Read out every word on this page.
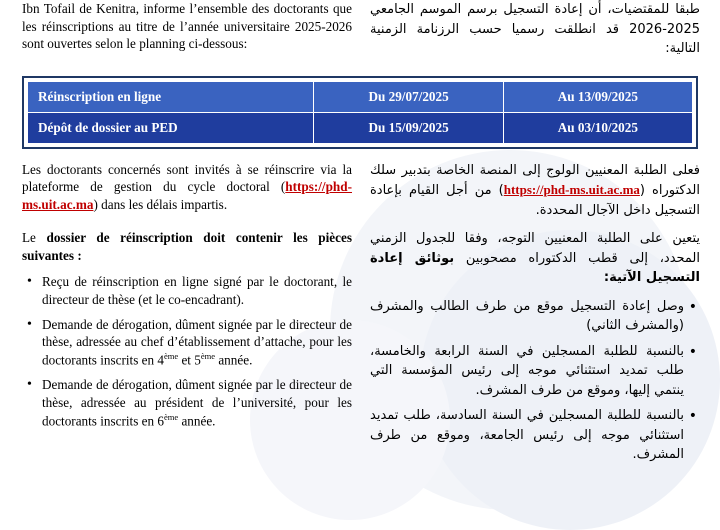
Ibn Tofail de Kenitra, informe l’ensemble des doctorants que les réinscriptions au titre de l’année universitaire 2025-2026 sont ouvertes selon le planning ci-dessous:

طبقا للمقتضيات، أن إعادة التسجيل برسم الموسم الجامعي 2025-2026 قد انطلقت رسميا حسب الرزنامة الزمنية التالية:

Réinscription en ligne	Du 29/07/2025	Au 13/09/2025
Dépôt de dossier au PED	Du 15/09/2025	Au 03/10/2025

Les doctorants concernés sont invités à se réinscrire via la plateforme de gestion du cycle doctoral (https://phd-ms.uit.ac.ma) dans les délais impartis.

فعلى الطلبة المعنيين الولوج إلى المنصة الخاصة بتدبير سلك الدكتوراه (https://phd-ms.uit.ac.ma) من أجل القيام بإعادة التسجيل داخل الآجال المحددة.

Le dossier de réinscription doit contenir les pièces suivantes :

• Reçu de réinscription en ligne signé par le doctorant, le directeur de thèse (et le co-encadrant).
• Demande de dérogation, dûment signée par le directeur de thèse, adressée au chef d’établissement d’attache, pour les doctorants inscrits en 4ème et 5ème année.
• Demande de dérogation, dûment signée par le directeur de thèse, adressée au président de l’université, pour les doctorants inscrits en 6ème année.

يتعين على الطلبة المعنيين التوجه، وفقا للجدول الزمني المحدد، إلى قطب الدكتوراه مصحوبين بوثائق إعادة التسجيل الآتية:

• وصل إعادة التسجيل موقع من طرف الطالب والمشرف (والمشرف الثاني)
• بالنسبة للطلبة المسجلين في السنة الرابعة والخامسة، طلب تمديد استثنائي موجه إلى رئيس المؤسسة التي ينتمي إليها، وموقع من طرف المشرف.
• بالنسبة للطلبة المسجلين في السنة السادسة، طلب تمديد استثنائي موجه إلى رئيس الجامعة، وموقع من طرف المشرف.
